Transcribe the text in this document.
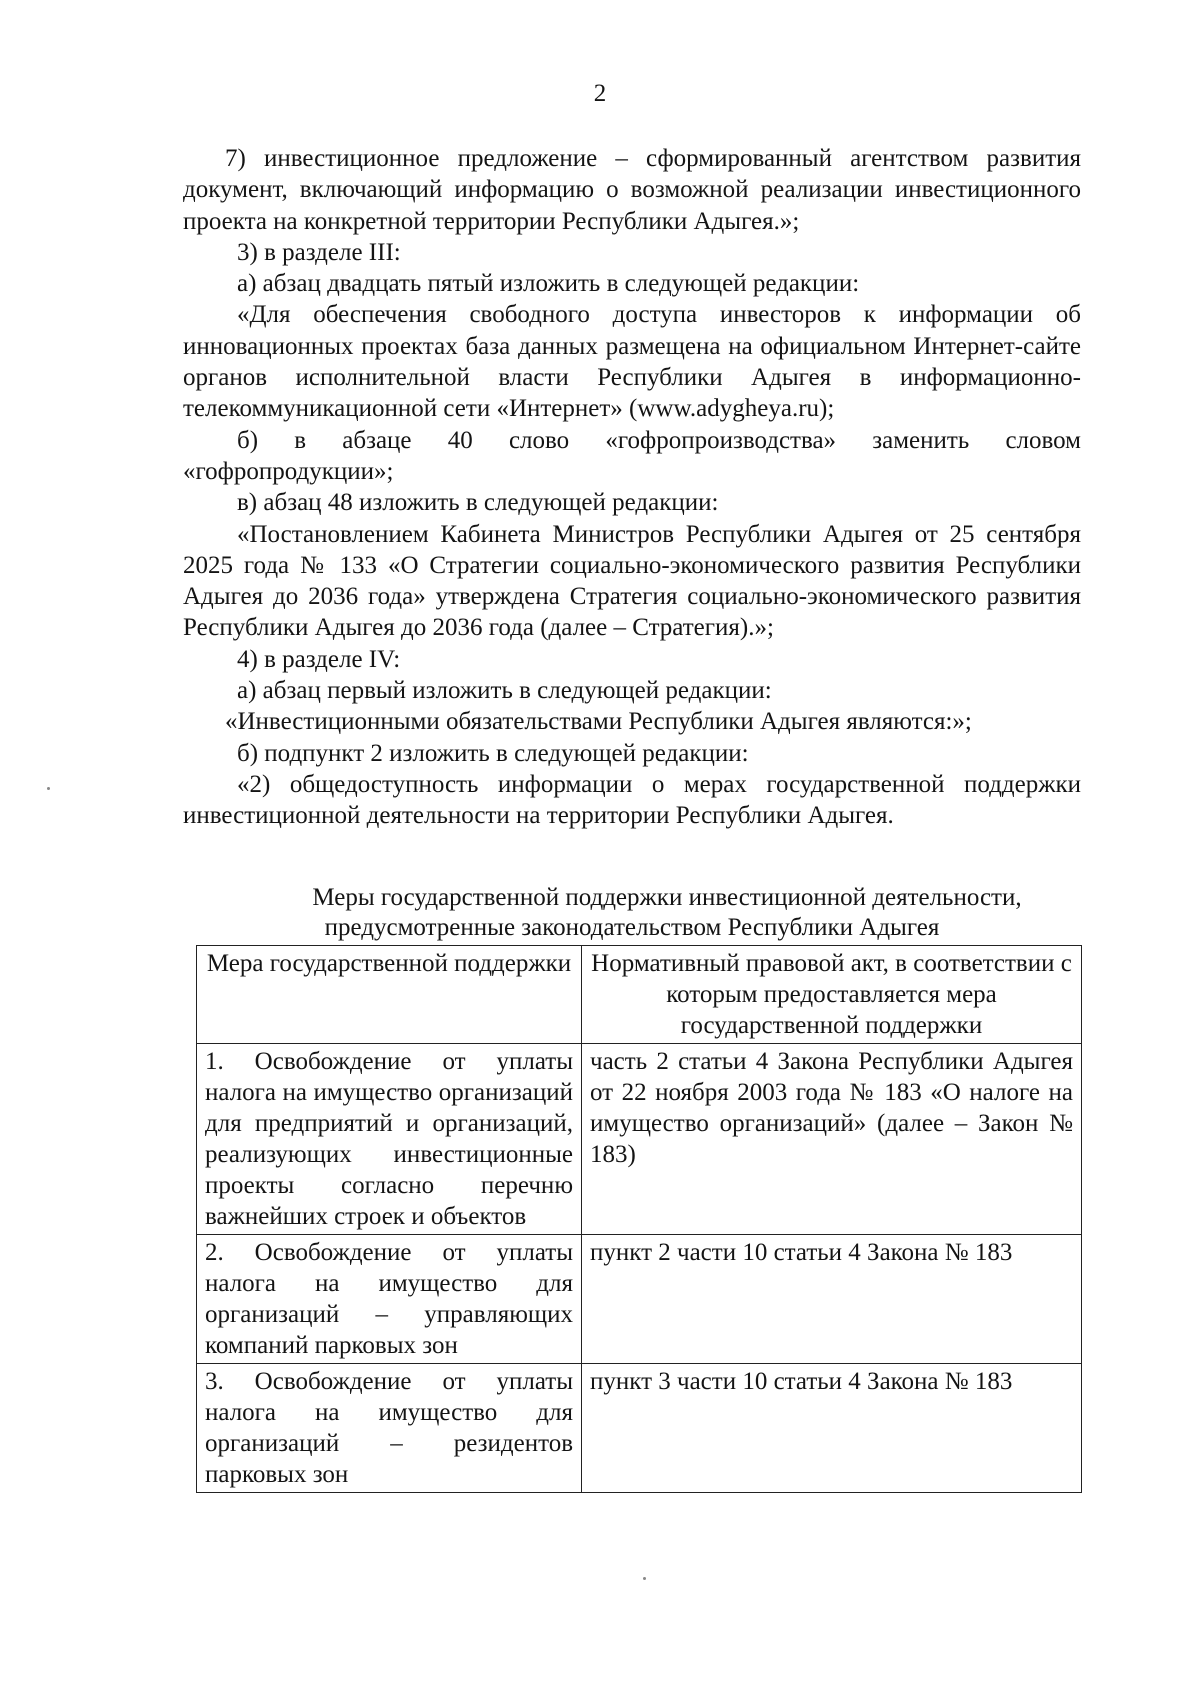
2

7) инвестиционное предложение – сформированный агентством развития документ, включающий информацию о возможной реализации инвестиционного проекта на конкретной территории Республики Адыгея.»;

3) в разделе III:

а) абзац двадцать пятый изложить в следующей редакции:

«Для обеспечения свободного доступа инвесторов к информации об инновационных проектах база данных размещена на официальном Интернет-сайте органов исполнительной власти Республики Адыгея в информационно-телекоммуникационной сети «Интернет» (www.adygheya.ru);

б) в абзаце 40 слово «гофропроизводства» заменить словом «гофропродукции»;

в) абзац 48 изложить в следующей редакции:

«Постановлением Кабинета Министров Республики Адыгея от 25 сентября 2025 года № 133 «О Стратегии социально-экономического развития Республики Адыгея до 2036 года» утверждена Стратегия социально-экономического развития Республики Адыгея до 2036 года (далее – Стратегия).»;

4) в разделе IV:

а) абзац первый изложить в следующей редакции:

«Инвестиционными обязательствами Республики Адыгея являются:»;

б) подпункт 2 изложить в следующей редакции:

«2) общедоступность информации о мерах государственной поддержки инвестиционной деятельности на территории Республики Адыгея.

Меры государственной поддержки инвестиционной деятельности,
предусмотренные законодательством Республики Адыгея
Мера государственной поддержки	Нормативный правовой акт, в соответствии с которым предоставляется мера государственной поддержки
1. Освобождение от уплаты налога на имущество организаций для предприятий и организаций, реализующих инвестиционные проекты согласно перечню важнейших строек и объектов	часть 2 статьи 4 Закона Республики Адыгея от 22 ноября 2003 года № 183 «О налоге на имущество организаций» (далее – Закон № 183)
2. Освобождение от уплаты налога на имущество для организаций – управляющих компаний парковых зон	пункт 2 части 10 статьи 4 Закона № 183
3. Освобождение от уплаты налога на имущество для организаций – резидентов парковых зон	пункт 3 части 10 статьи 4 Закона № 183
